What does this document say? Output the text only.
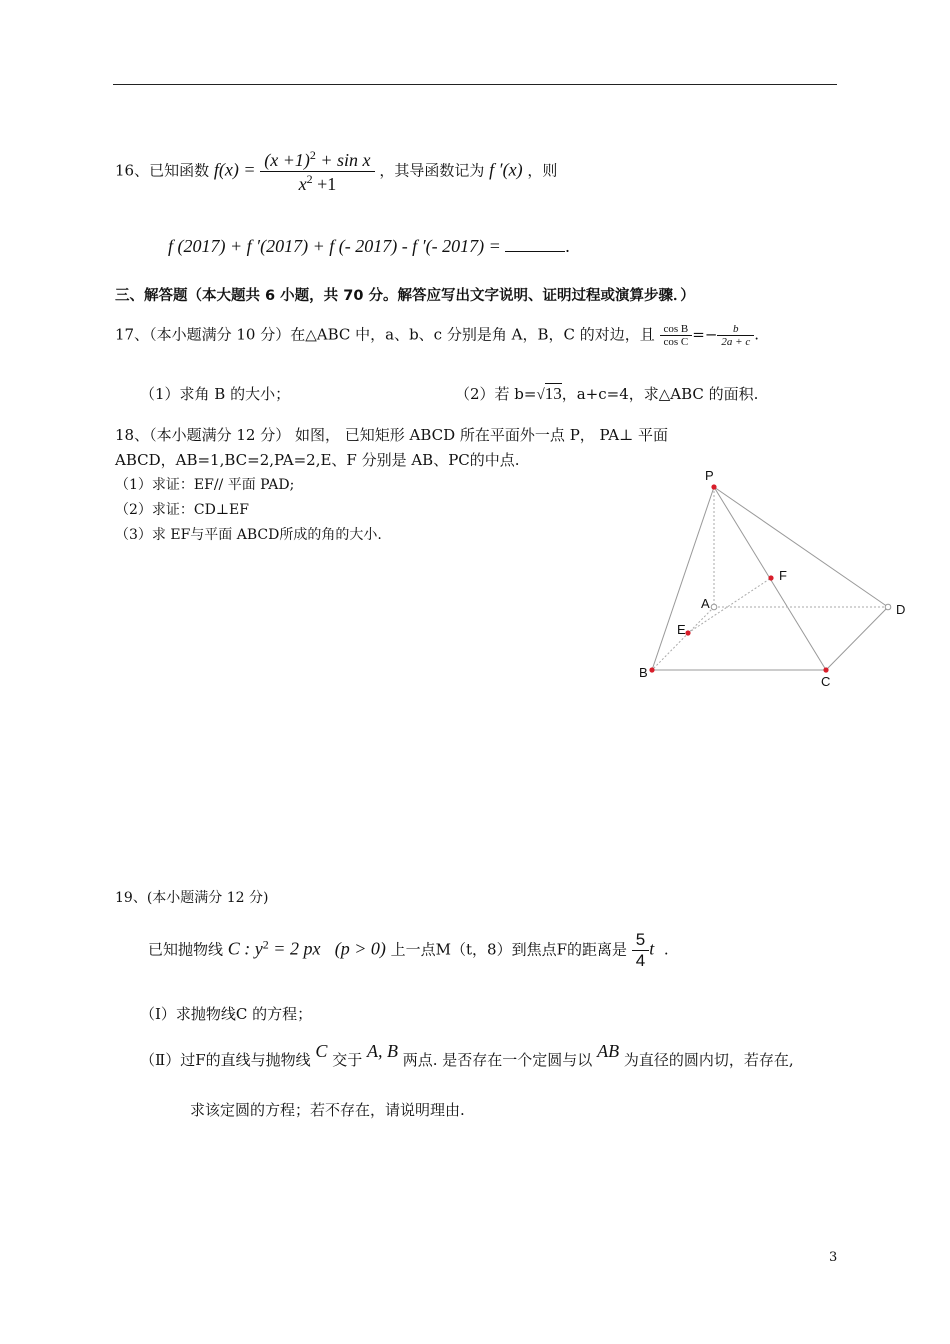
16、已知函数 $f(x) = \frac{(x +1)^2 + \sin x}{x^2 +1}$ ，其导函数记为 f ′(x) ，则
f (2017) + f ′(2017) + f (- 2017) - f ′(- 2017) =	.
三、解答题（本大题共 6 小题，共 70 分。解答应写出文字说明、证明过程或演算步骤．）
17、（本小题满分 10 分）在△ABC 中，a、b、c 分别是角 A，B，C 的对边，且 $\frac{\text{cos B}}{\text{cos C}} =- \frac{b}{2a + c}$ .
（1）求角 B 的大小；	（2）若 b=√13，a+c=4，求△ABC 的面积.
18、（本小题满分 12 分） 如图， 已知矩形 ABCD 所在平面外一点 P， PA⊥ 平面
ABCD，AB=1,BC=2,PA=2,E、F 分别是 AB、PC的中点.
（1）求证：EF// 平面 PAD;
（2）求证：CD⊥EF
（3）求 EF与平面 ABCD所成的角的大小.
P
F
A	D
E
B
C
19、(本小题满分 12 分)
已知抛物线 C : $y^2 = 2$ px (p > 0) 上一点M（t，8）到焦点F的距离是 $\frac{5}{4}$ t .
（Ⅰ）求抛物线C 的方程；
（Ⅱ）过F的直线与抛物线 C 交于 A, B 两点. 是否存在一个定圆与以 AB 为直径的圆内切，若存在,
求该定圆的方程；若不存在，请说明理由.
3
